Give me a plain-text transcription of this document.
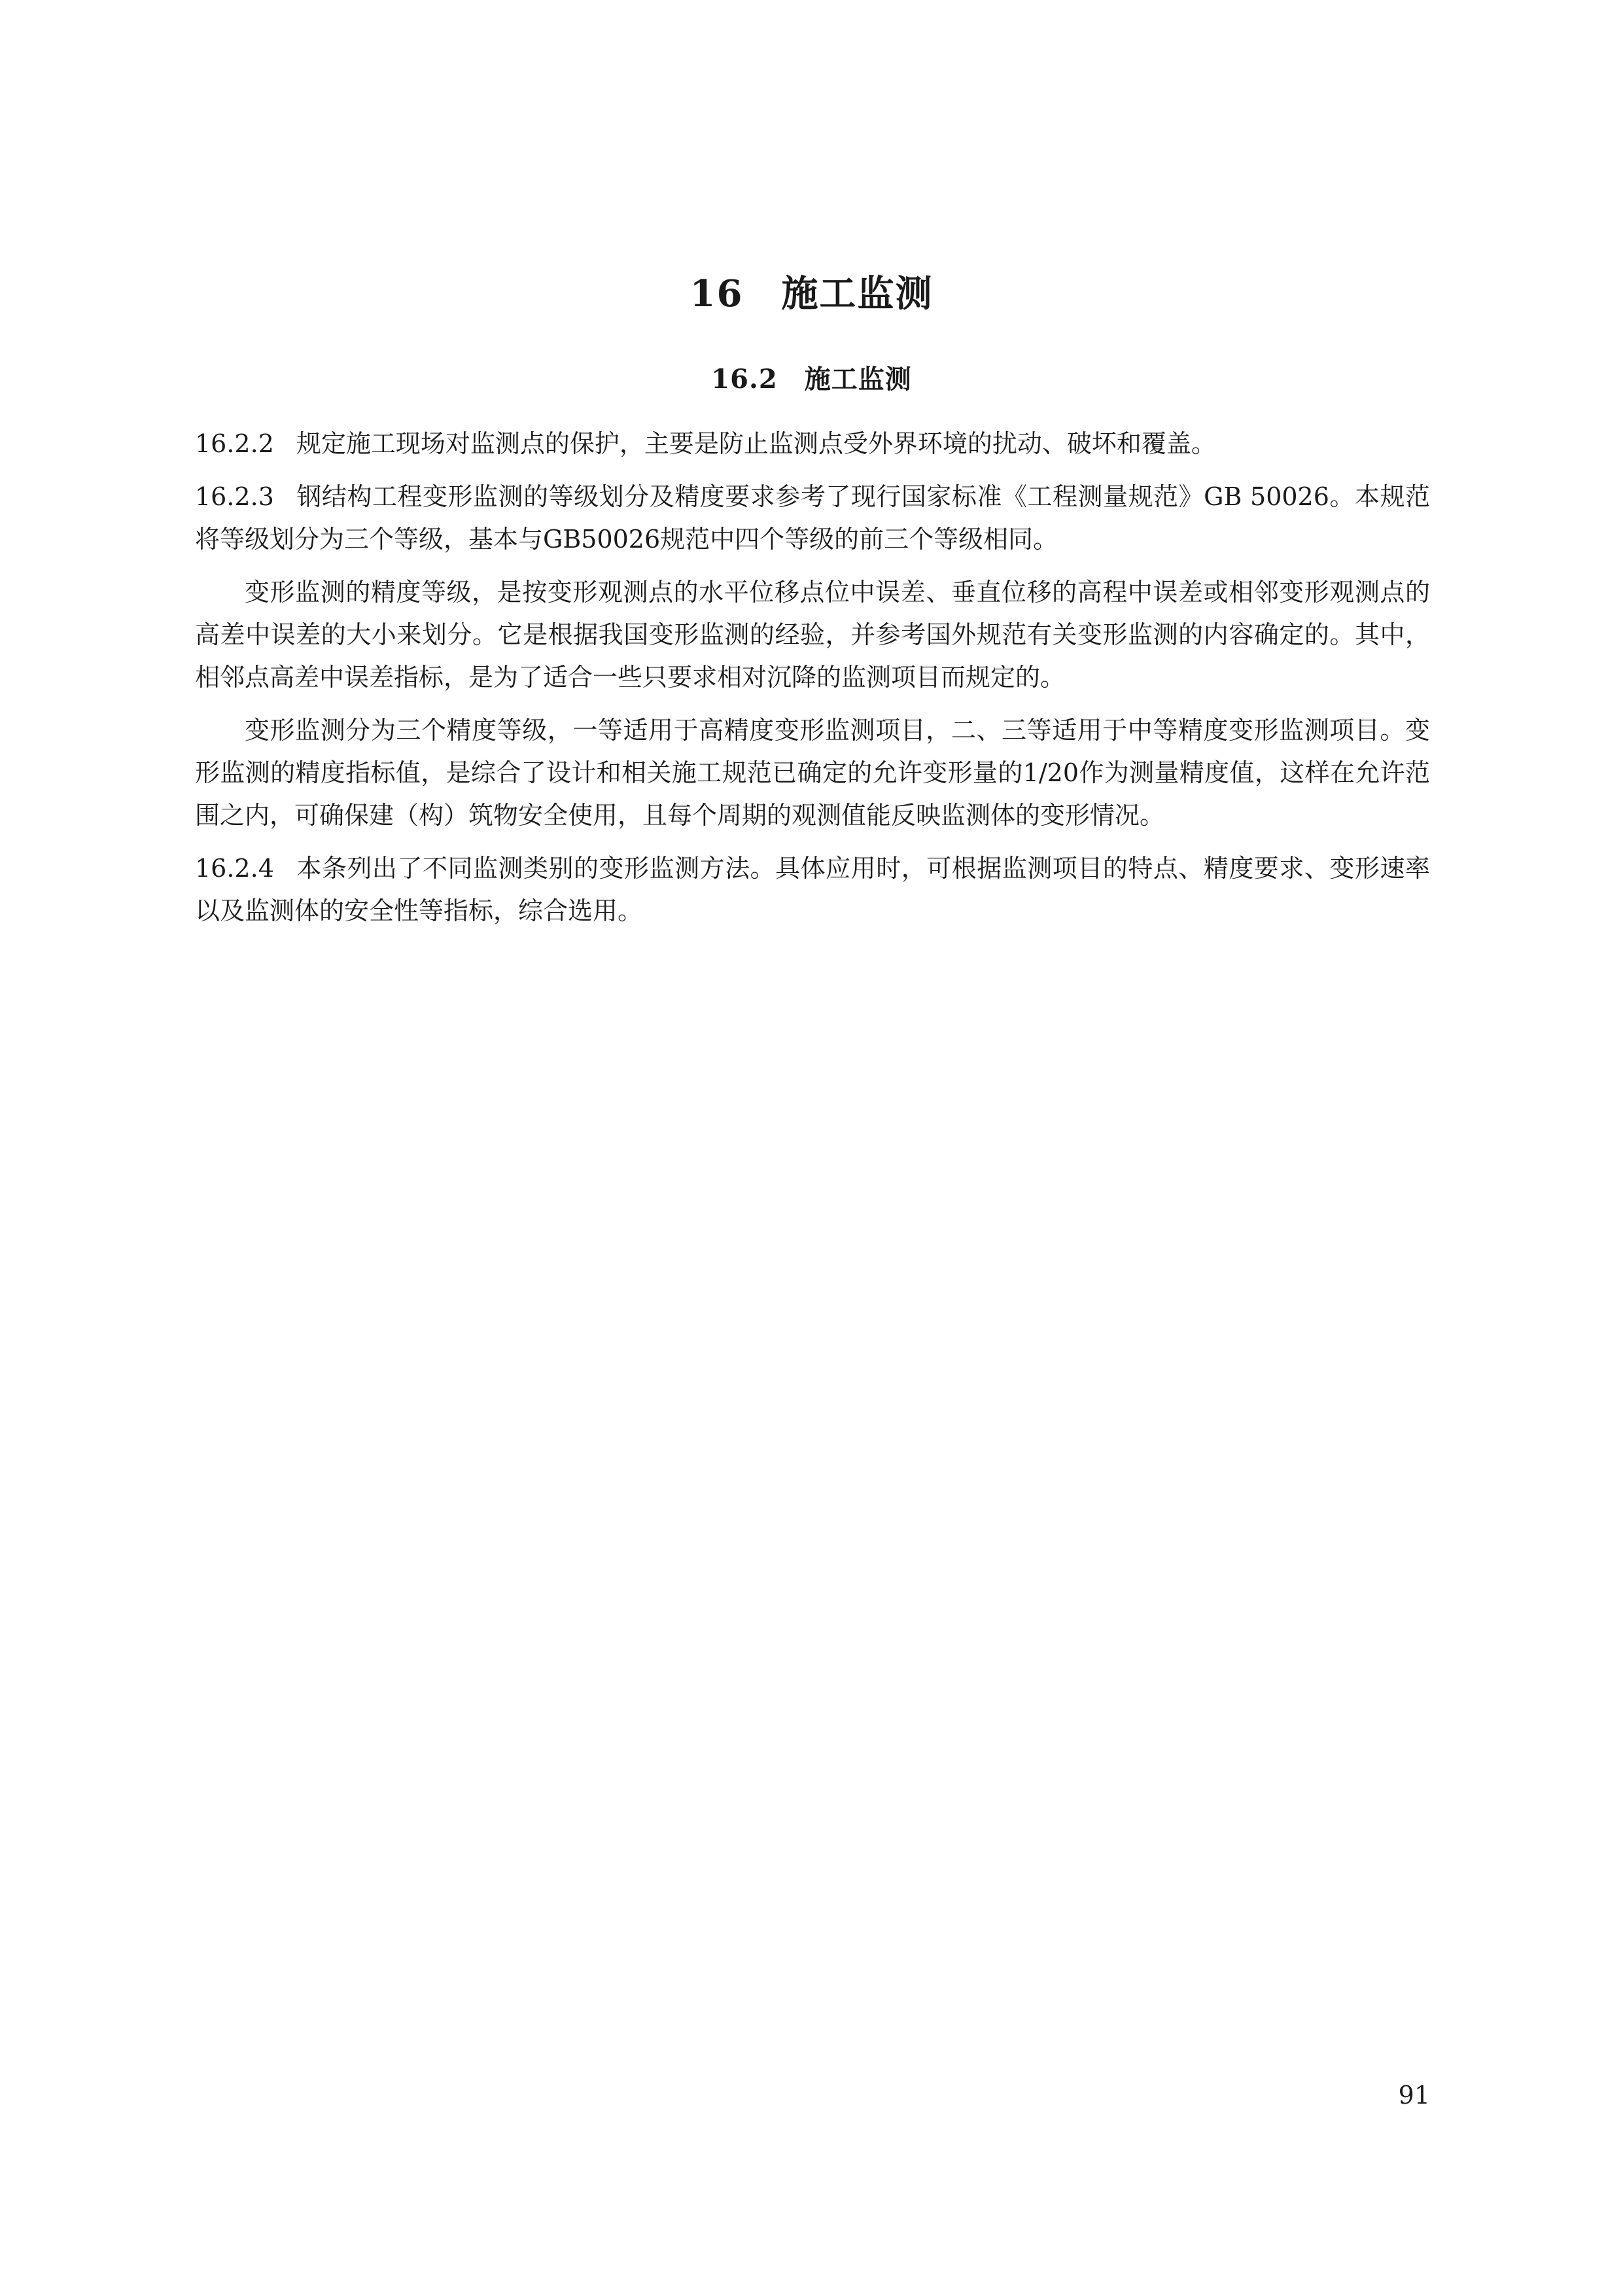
16　施工监测
16.2　施工监测

16.2.2 规定施工现场对监测点的保护，主要是防止监测点受外界环境的扰动、破坏和覆盖。

16.2.3 钢结构工程变形监测的等级划分及精度要求参考了现行国家标准《工程测量规范》GB 50026。本规范将等级划分为三个等级，基本与GB50026规范中四个等级的前三个等级相同。

变形监测的精度等级，是按变形观测点的水平位移点位中误差、垂直位移的高程中误差或相邻变形观测点的高差中误差的大小来划分。它是根据我国变形监测的经验，并参考国外规范有关变形监测的内容确定的。其中，相邻点高差中误差指标，是为了适合一些只要求相对沉降的监测项目而规定的。

变形监测分为三个精度等级，一等适用于高精度变形监测项目，二、三等适用于中等精度变形监测项目。变形监测的精度指标值，是综合了设计和相关施工规范已确定的允许变形量的1/20作为测量精度值，这样在允许范围之内，可确保建（构）筑物安全使用，且每个周期的观测值能反映监测体的变形情况。

16.2.4 本条列出了不同监测类别的变形监测方法。具体应用时，可根据监测项目的特点、精度要求、变形速率以及监测体的安全性等指标，综合选用。

91
